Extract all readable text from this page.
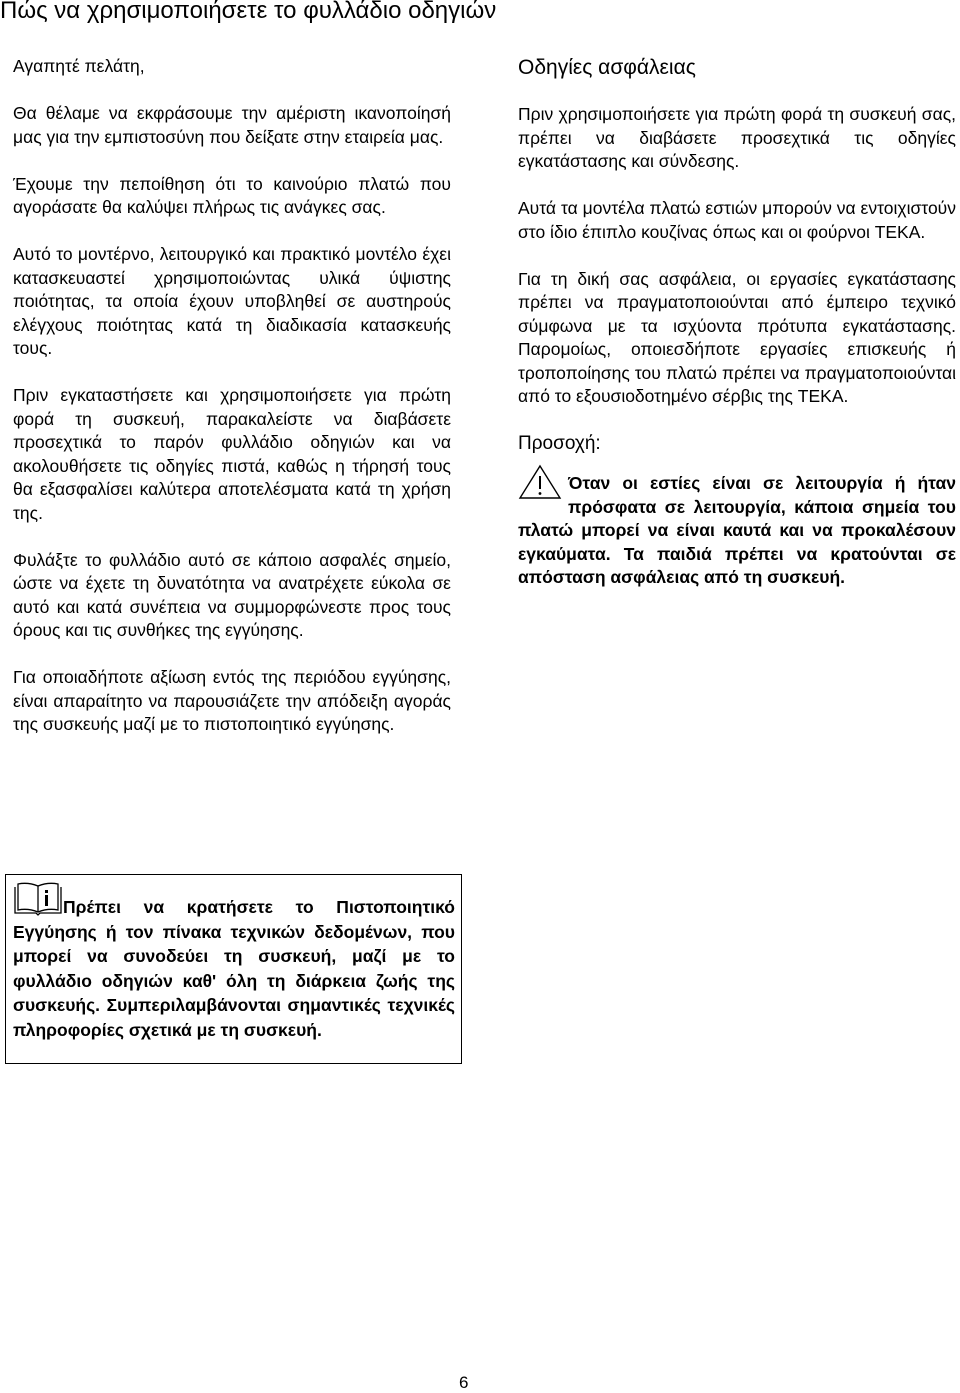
Πώς να χρησιμοποιήσετε το φυλλάδιο οδηγιών

Αγαπητέ πελάτη,

Θα θέλαμε να εκφράσουμε την αμέριστη ικανοποίησή μας για την εμπιστοσύνη που δείξατε στην εταιρεία μας.

Έχουμε την πεποίθηση ότι το καινούριο πλατώ που αγοράσατε θα καλύψει πλήρως τις ανάγκες σας.

Αυτό το μοντέρνο, λειτουργικό και πρακτικό μοντέλο έχει κατασκευαστεί χρησιμοποιώντας υλικά ύψιστης ποιότητας, τα οποία έχουν υποβληθεί σε αυστηρούς ελέγχους ποιότητας κατά τη διαδικασία κατασκευής τους.

Πριν εγκαταστήσετε και χρησιμοποιήσετε για πρώτη φορά τη συσκευή, παρακαλείστε να διαβάσετε προσεχτικά το παρόν φυλλάδιο οδηγιών και να ακολουθήσετε τις οδηγίες πιστά, καθώς η τήρησή τους θα εξασφαλίσει καλύτερα αποτελέσματα κατά τη χρήση της.

Φυλάξτε το φυλλάδιο αυτό σε κάποιο ασφαλές σημείο, ώστε να έχετε τη δυνατότητα να ανατρέχετε εύκολα σε αυτό και κατά συνέπεια να συμμορφώνεστε προς τους όρους και τις συνθήκες της εγγύησης.

Για οποιαδήποτε αξίωση εντός της περιόδου εγγύησης, είναι απαραίτητο να παρουσιάζετε την απόδειξη αγοράς της συσκευής μαζί με το πιστοποιητικό εγγύησης.

Πρέπει να κρατήσετε το Πιστοποιητικό Εγγύησης ή τον πίνακα τεχνικών δεδομένων, που μπορεί να συνοδεύει τη συσκευή, μαζί με το φυλλάδιο οδηγιών καθ' όλη τη διάρκεια ζωής της συσκευής. Συμπεριλαμβάνονται σημαντικές τεχνικές πληροφορίες σχετικά με τη συσκευή.
Οδηγίες ασφάλειας

Πριν χρησιμοποιήσετε για πρώτη φορά τη συσκευή σας, πρέπει να διαβάσετε προσεχτικά τις οδηγίες εγκατάστασης και σύνδεσης.

Αυτά τα μοντέλα πλατώ εστιών μπορούν να εντοιχιστούν στο ίδιο έπιπλο κουζίνας όπως και οι φούρνοι TEKA.

Για τη δική σας ασφάλεια, οι εργασίες εγκατάστασης πρέπει να πραγματοποιούνται από έμπειρο τεχνικό σύμφωνα με τα ισχύοντα πρότυπα εγκατάστασης. Παρομοίως, οποιεσδήποτε εργασίες επισκευής ή τροποποίησης του πλατώ πρέπει να πραγματοποιούνται από το εξουσιοδοτημένο σέρβις της TEKA.

Προσοχή:

Όταν οι εστίες είναι σε λειτουργία ή ήταν πρόσφατα σε λειτουργία, κάποια σημεία του πλατώ μπορεί να είναι καυτά και να προκαλέσουν εγκαύματα. Τα παιδιά πρέπει να κρατούνται σε απόσταση ασφάλειας από τη συσκευή.

6
